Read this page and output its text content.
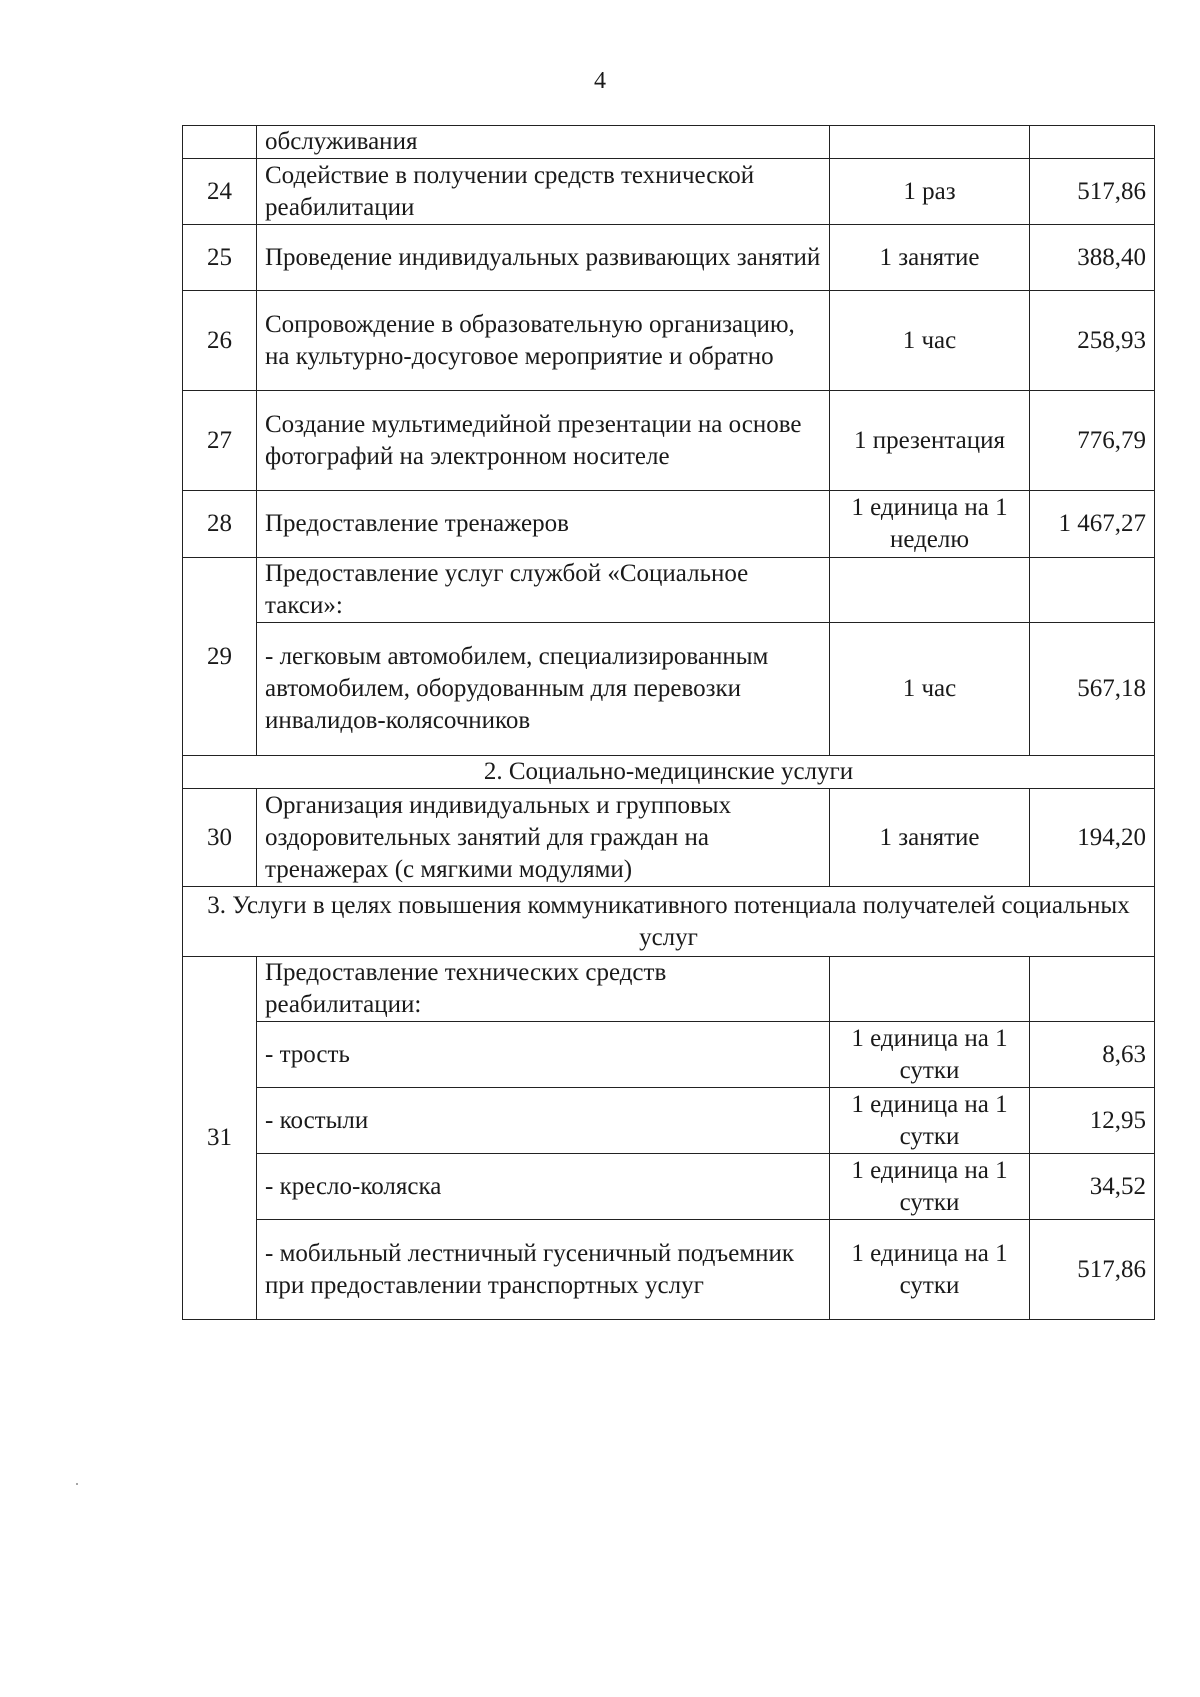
4
	обслуживания		
24	Содействие в получении средств технической реабилитации	1 раз	517,86
25	Проведение индивидуальных развивающих занятий	1 занятие	388,40
26	Сопровождение в образовательную организацию, на культурно-досуговое мероприятие и обратно	1 час	258,93
27	Создание мультимедийной презентации на основе фотографий на электронном носителе	1 презентация	776,79
28	Предоставление тренажеров	1 единица на 1 неделю	1 467,27
29	Предоставление услуг службой «Социальное такси»:		
	- легковым автомобилем, специализированным автомобилем, оборудованным для перевозки инвалидов-колясочников	1 час	567,18
2. Социально-медицинские услуги			
30	Организация индивидуальных и групповых оздоровительных занятий для граждан на тренажерах (с мягкими модулями)	1 занятие	194,20
3. Услуги в целях повышения коммуникативного потенциала получателей социальных услуг			
31	Предоставление технических средств реабилитации:		
	- трость	1 единица на 1 сутки	8,63
	- костыли	1 единица на 1 сутки	12,95
	- кресло-коляска	1 единица на 1 сутки	34,52
	- мобильный лестничный гусеничный подъемник при предоставлении транспортных услуг	1 единица на 1 сутки	517,86
